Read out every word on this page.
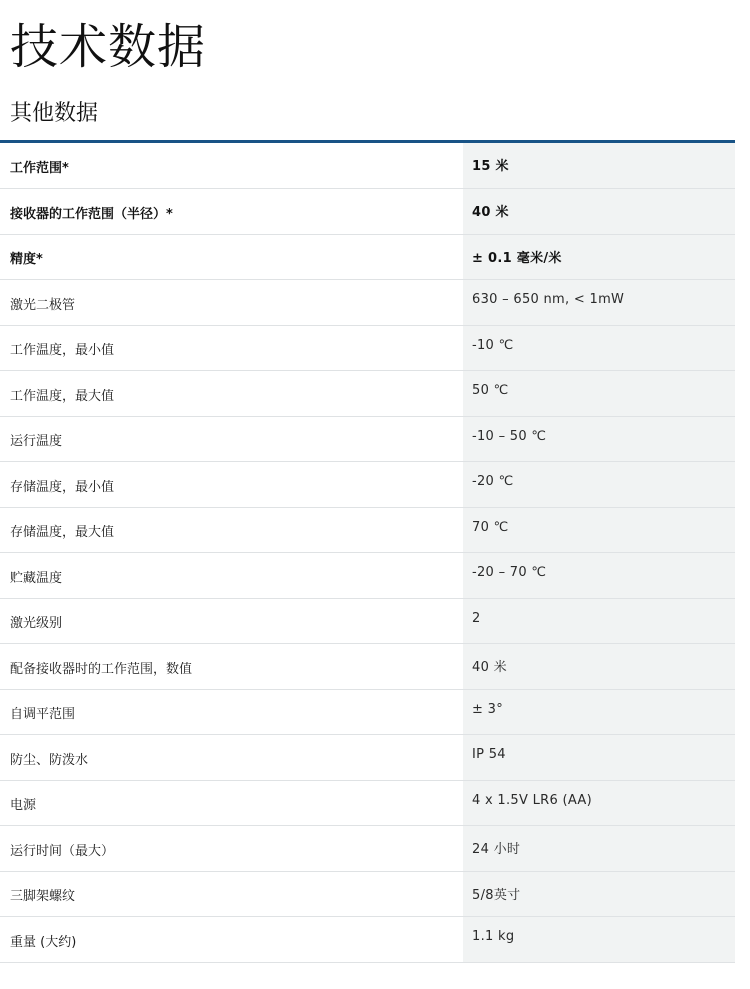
技术数据
其他数据
工作范围*	15 米
接收器的工作范围（半径）*	40 米
精度*	± 0.1 毫米/米
激光二极管	630 – 650 nm, < 1mW
工作温度，最小值	-10 ℃
工作温度，最大值	50 ℃
运行温度	-10 – 50 ℃
存储温度，最小值	-20 ℃
存储温度，最大值	70 ℃
贮藏温度	-20 – 70 ℃
激光级别	2
配备接收器时的工作范围，数值	40 米
自调平范围	± 3°
防尘、防泼水	IP 54
电源	4 x 1.5V LR6 (AA)
运行时间（最大）	24 小时
三脚架螺纹	5/8英寸
重量 (大约)	1.1 kg
